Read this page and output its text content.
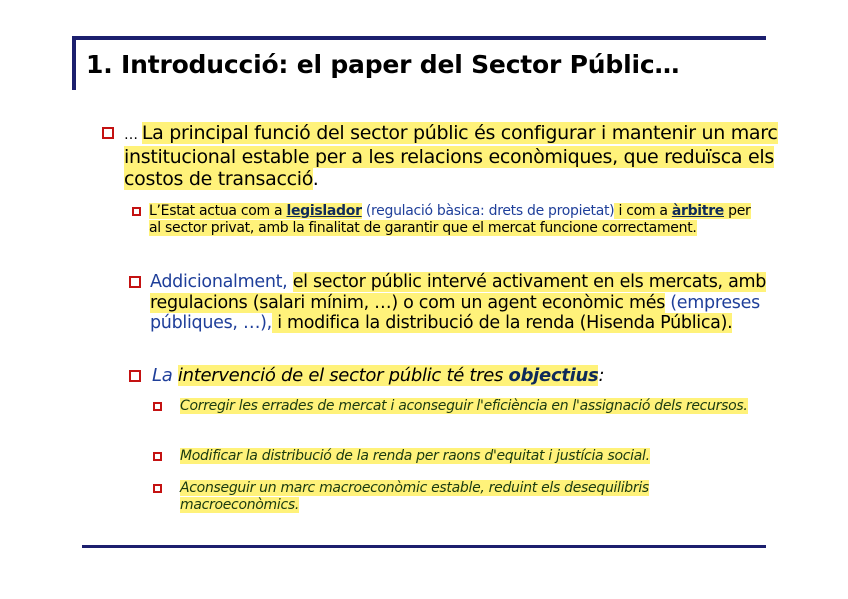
1. Introducció: el paper del Sector Públic…
… La principal funció del sector públic és configurar i mantenir un marc institucional estable per a les relacions econòmiques, que reduïsca els costos de transacció.
L’Estat actua com a legislador (regulació bàsica: drets de propietat) i com a àrbitre per al sector privat, amb la finalitat de garantir que el mercat funcione correctament.
Addicionalment, el sector públic intervé activament en els mercats, amb regulacions (salari mínim, …) o com un agent econòmic més (empreses públiques, …), i modifica la distribució de la renda (Hisenda Pública).
La intervenció de el sector públic té tres objectius:
Corregir les errades de mercat i aconseguir l'eficiència en l'assignació dels recursos.
Modificar la distribució de la renda per raons d'equitat i justícia social.
Aconseguir un marc macroeconòmic estable, reduint els desequilibris macroeconòmics.
